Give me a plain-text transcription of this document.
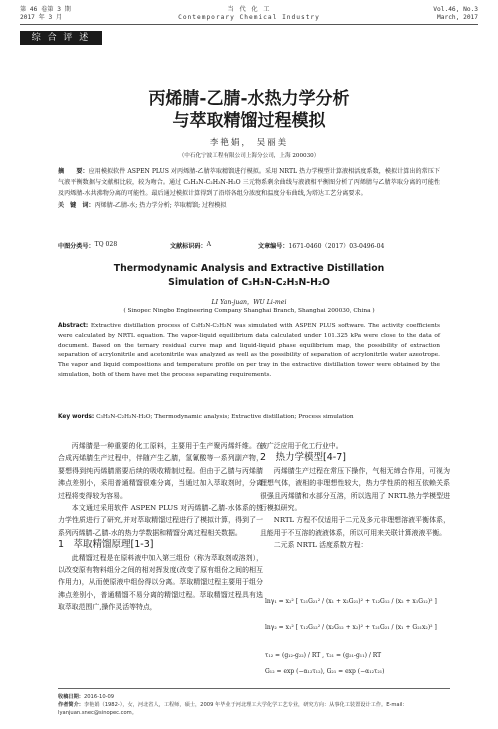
第 46 卷第 3 期
2017 年 3 月
当 代 化 工
Contemporary Chemical Industry
Vol.46, No.3
March, 2017
综 合 评 述
丙烯腈-乙腈-水热力学分析
与萃取精馏过程模拟
李艳娟， 吴丽美
（中石化宁波工程有限公司上海分公司，上海 200030）
摘　　要：应用模拟软件 ASPEN PLUS 对丙烯腈-乙腈萃取精馏进行模拟。采用 NRTL 热力学模型计算液相活度系数，模拟计算出的常压下气液平衡数据与文献相比较，较为吻合。通过 C₃H₃N-C₂H₃N-H₂O 三元物系剩余曲线与液液相平衡图分析了丙烯腈与乙腈萃取分离的可能性及丙烯腈-水共沸物分离的可能性。最后通过模拟计算得到了沿塔各组分浓度和温度分布曲线,为塔达工艺分离要求。
关　键　词：丙烯腈-乙腈-水; 热力学分析; 萃取精馏; 过程模拟
中图分类号： TQ 028	文献标识码： A	文章编号： 1671-0460（2017）03-0496-04
Thermodynamic Analysis and Extractive Distillation
Simulation of C₃H₃N-C₂H₃N-H₂O
LI Yan-juan，WU Li-mei
( Sinopec Ningbo Engineering Company Shanghai Branch, Shanghai 200030, China )
Abstract: Extractive distillation process of C₃H₃N-C₂H₃N was simulated with ASPEN PLUS software. The activity coefficients were calculated by NRTL equation. The vapor-liquid equilibrium data calculated under 101.325 kPa were close to the data of document. Based on the ternary residual curve map and liquid-liquid phase equilibrium map, the possibility of extraction separation of acrylonitrile and acetonitrile was analyzed as well as the possibility of separation of acrylonitrile water azeotrope. The vapor and liquid compositions and temperature profile on per tray in the extractive distillation tower were obtained by the simulation, both of them have met the process separating requirements.
Key words: C₃H₃N-C₂H₃N-H₂O; Thermodynamic analysis; Extractive distillation; Process simulation

丙烯腈是一种重要的化工原料，主要用于生产聚丙烯纤维。在合成丙烯腈生产过程中，伴随产生乙腈，氢氰酸等一系列副产物，要想得到纯丙烯腈需要后续的吸收精制过程。但由于乙腈与丙烯腈沸点差别小，采用普通精馏很难分离，当通过加入萃取剂时，分离过程将变得较为容易。

本文通过采用软件 ASPEN PLUS 对丙烯腈-乙腈-水体系的热力学性质进行了研究,并对萃取精馏过程进行了模拟计算，得到了一系列丙烯腈-乙腈-水的热力学数据和精馏分离过程相关数据。

1　萃取精馏原理[1-3]

此精馏过程是在原料液中加入第三组份（称为萃取剂或溶剂），以改变原有物料组分之间的相对挥发度(改变了原有组份之间的相互作用力)，从而使原液中组份得以分离。萃取精馏过程主要用于组分沸点差别小，普通精馏不易分离的精馏过程。萃取精馏过程具有选取萃取范围广,操作灵活等特点，

被广泛应用于化工行业中。

2　热力学模型[4-7]

丙烯腈生产过程在常压下操作，气相无缔合作用，可视为理想气体，液相的非理想性较大，热力学性质的相互依赖关系很强且丙烯腈和水部分互溶，所以选用了 NRTL热力学模型进行模拟研究。

NRTL 方程不仅适用于二元及多元非理想溶液平衡体系，且能用于不互溶的液液体系，所以可用来关联计算液液平衡。

二元系 NRTL 活度系数方程：

lnγ₁ = x₂² [ τ₂₁G₂₁² / (x₁ + x₂G₂₁)² + τ₁₂G₁₂ / (x₂ + x₁G₁₂)² ]
lnγ₂ = x₁² [ τ₁₂G₁₂² / (x₂G₁₂ + x₂)² + τ₂₁G₂₁ / (x₁ + G₂₁x₂)² ]
τ₁₂ = (g₁₂-g₂₂) / RT , τ₂₁ = (g₂₁-g₁₁) / RT
G₁₂ = exp (−α₁₂τ₁₂), G₂₁ = exp (−α₁₂τ₂₁)
收稿日期：2016-10-09
作者简介：李艳娟（1982-），女，河北省人，工程师，硕士，2009 年毕业于河北理工大学化学工艺专业，研究方向：从事化工装置设计工作。E-mail：lyanjuan.snec@sinopec.com。
